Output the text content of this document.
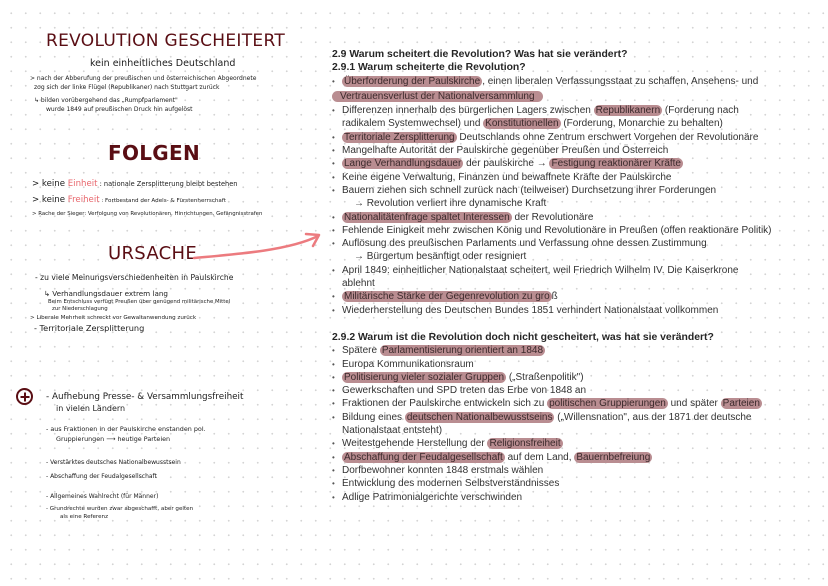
REVOLUTION GESCHEITERT
kein einheitliches Deutschland
> nach der Abberufung der preußischen und österreichischen Abgeordnete
zog sich der linke Flügel (Republikaner) nach Stuttgart zurück
↳ bilden vorübergehend das „Rumpfparlament"
wurde 1849 auf preußischen Druck hin aufgelöst
FOLGEN
> keine Einheit : nationale Zersplitterung bleibt bestehen
> keine Freiheit : Fortbestand der Adels- & Fürstenherrschaft
> Rache der Sieger: Verfolgung von Revolutionären, Hinrichtungen, Gefängnisstrafen
URSACHE
- zu viele Meinungsverschiedenheiten in Paulskirche
↳ Verhandlungsdauer extrem lang
Beim Entschluss verfügt Preußen über genügend militärische Mittel
zur Niederschlagung
> Liberale Mehrheit schreckt vor Gewaltanwendung zurück
- Territoriale Zersplitterung
- Aufhebung Presse- & Versammlungsfreiheit
in vielen Ländern
- aus Fraktionen in der Paulskirche enstanden pol.
Gruppierungen ⟶ heutige Parteien
- Verstärktes deutsches Nationalbewusstsein
- Abschaffung der Feudalgesellschaft
- Allgemeines Wahlrecht (für Männer)
- Grundrechte wurden zwar abgeschafft, aber gelten
als eine Referenz
2.9 Warum scheitert die Revolution? Was hat sie verändert?
2.9.1 Warum scheiterte die Revolution?
• Überforderung der Paulskirche , einen liberalen Verfassungsstaat zu schaffen, Ansehens- und
Vertrauensverlust der Nationalversammlung
• Differenzen innerhalb des bürgerlichen Lagers zwischen Republikanern (Forderung nach
radikalem Systemwechsel) und Konstitutionellen (Forderung, Monarchie zu behalten)
• Territoriale Zersplitterung Deutschlands ohne Zentrum erschwert Vorgehen der Revolutionäre
• Mangelhafte Autorität der Paulskirche gegenüber Preußen und Österreich
• Lange Verhandlungsdauer der paulskirche → Festigung reaktionärer Kräfte
• Keine eigene Verwaltung, Finanzen und bewaffnete Kräfte der Paulskirche
• Bauern ziehen sich schnell zurück nach (teilweiser) Durchsetzung ihrer Forderungen
→ Revolution verliert ihre dynamische Kraft
• Nationalitätenfrage spaltet Interessen der Revolutionäre
• Fehlende Einigkeit mehr zwischen König und Revolutionäre in Preußen (offen reaktionäre Politik)
• Auflösung des preußischen Parlaments und Verfassung ohne dessen Zustimmung
→ Bürgertum besänftigt oder resigniert
• April 1849: einheitlicher Nationalstaat scheitert, weil Friedrich Wilhelm IV. Die Kaiserkrone
ablehnt
• Militärische Stärke der Gegenrevolution zu gro ß
• Wiederherstellung des Deutschen Bundes 1851 verhindert Nationalstaat vollkommen
2.9.2 Warum ist die Revolution doch nicht gescheitert, was hat sie verändert?
• Spätere Parlamentisierung orientiert an 1848
• Europa Kommunikationsraum
• Politisierung vieler sozialer Gruppen („Straßenpolitik")
• Gewerkschaften und SPD treten das Erbe von 1848 an
• Fraktionen der Paulskirche entwickeln sich zu politischen Gruppierungen und später Parteien
• Bildung eines deutschen Nationalbewusstseins („Willensnation", aus der 1871 der deutsche
Nationalstaat entsteht)
• Weitestgehende Herstellung der Religionsfreiheit
• Abschaffung der Feudalgesellschaft auf dem Land, Bauernbefreiung
• Dorfbewohner konnten 1848 erstmals wählen
• Entwicklung des modernen Selbstverständnisses
• Adlige Patrimonialgerichte verschwinden
